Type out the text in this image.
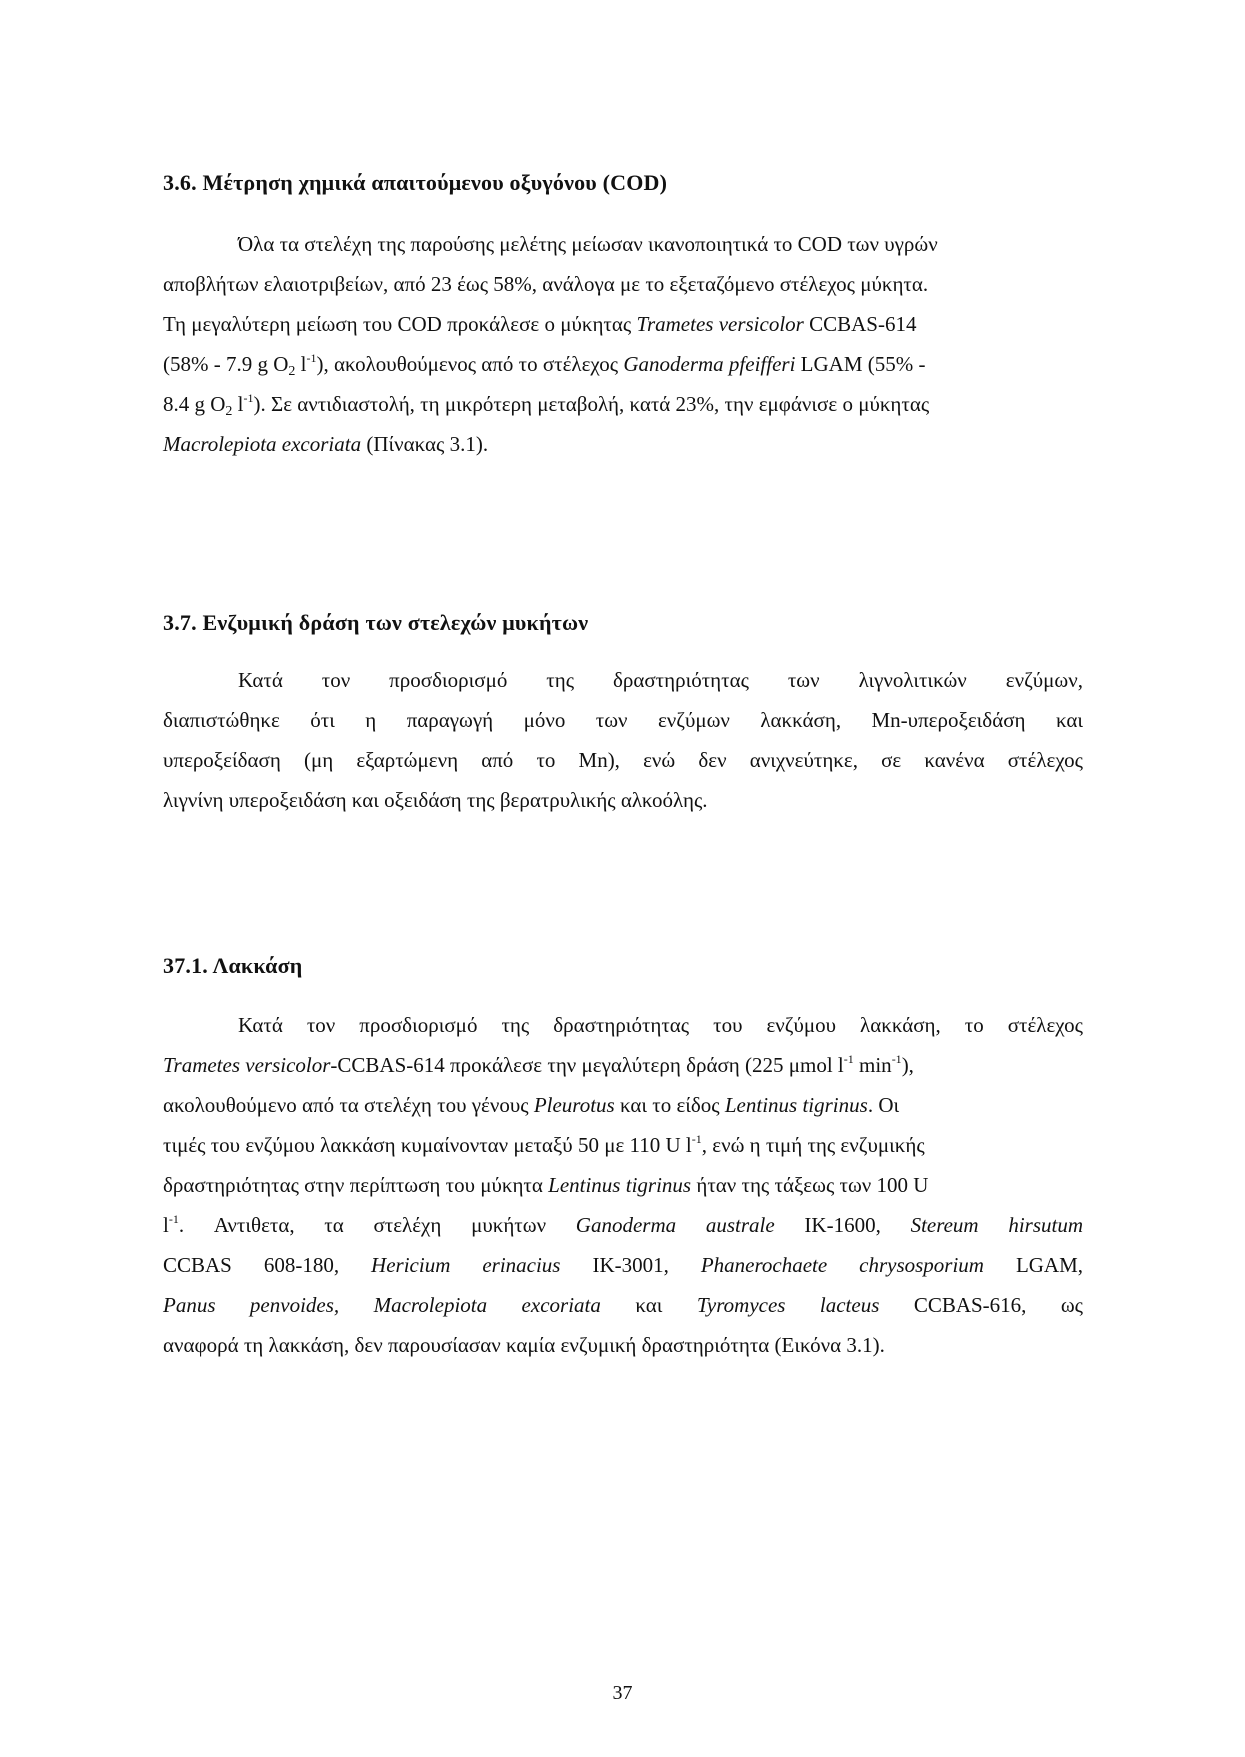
3.6. Μέτρηση χημικά απαιτούμενου οξυγόνου (COD)
Όλα τα στελέχη της παρούσης μελέτης μείωσαν ικανοποιητικά το COD των υγρών
αποβλήτων ελαιοτριβείων, από 23 έως 58%, ανάλογα με το εξεταζόμενο στέλεχος μύκητα.
Τη μεγαλύτερη μείωση του COD προκάλεσε ο μύκητας Trametes versicolor CCBAS-614
(58% - 7.9 g $O_2$ $l^{-1}$), ακολουθούμενος από το στέλεχος Ganoderma pfeifferi LGAM (55% -
8.4 g $O_2$ $l^{-1}$). Σε αντιδιαστολή, τη μικρότερη μεταβολή, κατά 23%, την εμφάνισε ο μύκητας
Macrolepiota excoriata (Πίνακας 3.1).
3.7. Ενζυμική δράση των στελεχών μυκήτων
Κατά τον προσδιορισμό της δραστηριότητας των λιγνολιτικών ενζύμων,
διαπιστώθηκε ότι η παραγωγή μόνο των ενζύμων λακκάση, Mn-υπεροξειδάση και
υπεροξείδαση (μη εξαρτώμενη από το Mn), ενώ δεν ανιχνεύτηκε, σε κανένα στέλεχος
λιγνίνη υπεροξειδάση και οξειδάση της βερατρυλικής αλκοόλης.
37.1. Λακκάση
Κατά τον προσδιορισμό της δραστηριότητας του ενζύμου λακκάση, το στέλεχος
Trametes versicolor-CCBAS-614 προκάλεσε την μεγαλύτερη δράση (225 μmol $l^{-1}$ $\min^{-1}$),
ακολουθούμενο από τα στελέχη του γένους Pleurotus και το είδος Lentinus tigrinus. Οι
τιμές του ενζύμου λακκάση κυμαίνονταν μεταξύ 50 με 110 U $l^{-1}$, ενώ η τιμή της ενζυμικής
δραστηριότητας στην περίπτωση του μύκητα Lentinus tigrinus ήταν της τάξεως των 100 U
$l^{-1}$. Αντιθετα, τα στελέχη μυκήτων Ganoderma australe IK-1600, Stereum hirsutum
CCBAS 608-180, Hericium erinacius IK-3001, Phanerochaete chrysosporium LGAM,
Panus penvoides, Macrolepiota excoriata και Tyromyces lacteus CCBAS-616, ως
αναφορά τη λακκάση, δεν παρουσίασαν καμία ενζυμική δραστηριότητα (Εικόνα 3.1).
37
